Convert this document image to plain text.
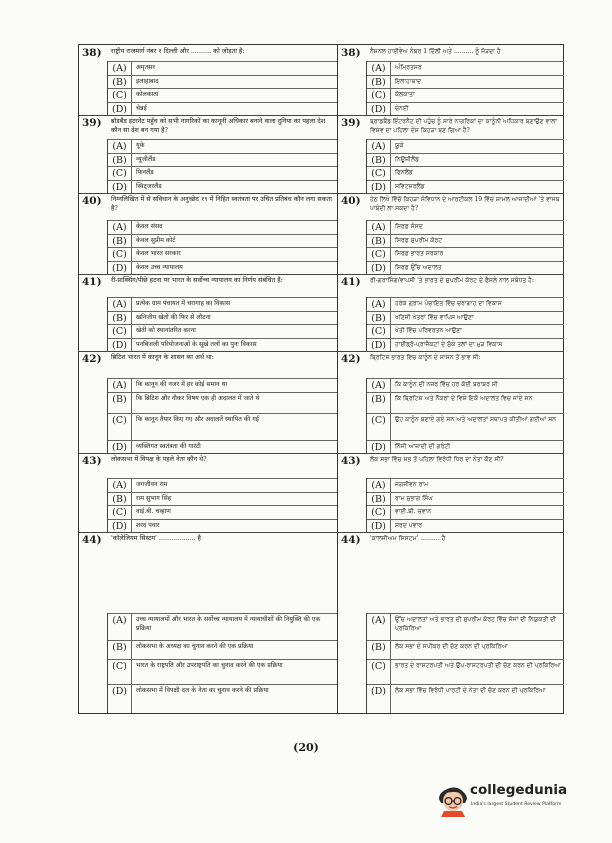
38) राष्ट्रीय राजमार्ग नंबर १ दिल्ली और .......... को जोड़ता है:
(A)	अमृतसर
(B)	इलाहाबाद
(C)	कोलकाता
(D)	चेन्नई
39) ब्रॉडबैंड इंटरनेट पहुँच को सभी नागरिकों का कानूनी अधिकार बनाने वाला दुनिया का पहला देश कौन सा देश बन गया है?
(A)	यूके
(B)	न्यूजीलैंड
(C)	फिनलैंड
(D)	स्विट्जरलैंड
40) निम्नलिखित में से संविधान के अनुच्छेद १९ में निहित स्वतंत्रता पर उचित प्रतिबंध कौन लगा सकता है?
(A)	केवल संसद
(B)	केवल सुप्रीम कोर्ट
(C)	केवल भारत सरकार
(D)	केवल उच्च न्यायालय
41) री-प्राक्सिंग/पीछे हटना पर भारत के सर्वोच्च न्यायालय का निर्णय संबंधित है:
(A)	प्रत्येक ग्राम पंचायत में चरागाह का विकास
(B)	खनिजीय खेतों की फिर से लौटना
(C)	खेती को स्थानांतरित करना
(D)	पनबिजली परियोजनाओं के सूखे तलों का पुनः विकास
42) ब्रिटिश भारत में कानून के शासन का अर्थ था:
(A)	कि कानून की नजर में हर कोई समान था
(B)	कि ब्रिटिश और नौकर विषय एक ही अदालत में जाते थे
(C)	कि कानून तैयार किए गए और अदालतें स्थापित की गई
(D)	व्यक्तिगत स्वतंत्रता की गारंटी
43) लोकसभा में विपक्ष के पहले नेता कौन थे?
(A)	जगजीवन राम
(B)	राम सुभाग सिंह
(C)	वाई.बी. चव्हाण
(D)	शरद पवार
44) 'कॉलेजियम सिस्टम' .................. है
(A)	उच्च न्यायालयों और भारत के सर्वोच्च न्यायालय में न्यायाधीशों की नियुक्ति की एक प्रक्रिया
(B)	लोकसभा के अध्यक्ष का चुनाव करने की एक प्रक्रिया
(C)	भारत के राष्ट्रपति और उपराष्ट्रपति का चुनाव करने की एक प्रक्रिया
(D)	लोकसभा में विपक्षी दल के नेता का चुनाव करने की प्रक्रिया
38) ਨੈਸ਼ਨਲ ਹਾਈਵੇਅ ਨੰਬਰ 1 ਦਿੱਲੀ ਅਤੇ .......... ਨੂੰ ਜੋੜਦਾ ਹੈ
(A)	ਅੰਮ੍ਰਿਤਸਰ
(B)	ਇਲਾਹਾਬਾਦ
(C)	ਕੋਲਕਾਤਾ
(D)	ਚੇਨਈ
39) ਬ੍ਰਾਡਬੈਂਡ ਇੰਟਰਨੈਟ ਦੀ ਪਹੁੰਚ ਨੂੰ ਸਾਰੇ ਨਾਗਰਿਕਾਂ ਦਾ ਕਾਨੂੰਨੀ ਅਧਿਕਾਰ ਬਣਾਉਣ ਵਾਲਾ ਵਿਸ਼ਵ ਦਾ ਪਹਿਲਾ ਦੇਸ਼ ਕਿਹੜਾ ਬਣ ਗਿਆ ਹੈ?
(A)	ਯੂਕੇ
(B)	ਨਿਊਜ਼ੀਲੈਂਡ
(C)	ਫਿਨਲੈਂਡ
(D)	ਸਵਿਟਜ਼ਰਲੈਂਡ
40) ਹੇਠ ਲਿਖੇ ਵਿੱਚੋਂ ਕਿਹੜਾ ਸੰਵਿਧਾਨ ਦੇ ਆਰਟੀਕਲ 19 ਵਿੱਚ ਸ਼ਾਮਲ ਆਜ਼ਾਦੀਆਂ 'ਤੇ ਵਾਜਬ ਪਾਬੰਦੀ ਲਾ ਸਕਦਾ ਹੈ?
(A)	ਸਿਰਫ਼ ਸੰਸਦ
(B)	ਸਿਰਫ਼ ਸੁਪਰੀਮ ਕੋਰਟ
(C)	ਸਿਰਫ਼ ਭਾਰਤ ਸਰਕਾਰ
(D)	ਸਿਰਫ਼ ਉੱਚ ਅਦਾਲਤ
41) ਰੀ-ਗਰਾਸਿੰਗ/ਵਾਪਸੀ 'ਤੇ ਭਾਰਤ ਦੇ ਸੁਪਰੀਮ ਕੋਰਟ ਦੇ ਫੈਸਲੇ ਨਾਲ ਸਬੰਧਤ ਹੈ:
(A)	ਹਰੇਕ ਗ੍ਰਾਮ ਪੰਚਾਇਤ ਵਿੱਚ ਚਰਾਗਾਹ ਦਾ ਵਿਕਾਸ
(B)	ਖਣਿਜੀ ਖੇਤਰਾਂ ਵਿੱਚ ਵਾਪਿਸ ਆਉਣਾ
(C)	ਖੇਤੀ ਵਿੱਚ ਪਰਿਵਰਤਨ ਆਉਣਾ
(D)	ਹਾਈਡ੍ਰੋ-ਪ੍ਰਾਜੈਕਟਾਂ ਦੇ ਸੁੱਕੇ ਤਲਾਂ ਦਾ ਮੁੜ ਵਿਕਾਸ
42) ਬ੍ਰਿਟਿਸ਼ ਭਾਰਤ ਵਿਚ ਕਾਨੂੰਨ ਦੇ ਸ਼ਾਸਨ ਤੋਂ ਭਾਵ ਸੀ:
(A)	ਕਿ ਕਾਨੂੰਨ ਦੀ ਨਜ਼ਰ ਵਿੱਚ ਹਰ ਕੋਈ ਬਰਾਬਰ ਸੀ
(B)	ਕਿ ਬ੍ਰਿਟਿਸ਼ ਅਤੇ ਨੌਕਰਾਂ ਦੇ ਵਿਸ਼ੇ ਇਕੋ ਅਦਾਲਤ ਵਿਚ ਜਾਂਦੇ ਸਨ
(C)	ਉਹ ਕਾਨੂੰਨ ਬਣਾਏ ਗਏ ਸਨ ਅਤੇ ਅਦਾਲਤਾਂ ਸਥਾਪਤ ਕੀਤੀਆਂ ਗਈਆਂ ਸਨ
(D)	ਨਿੱਜੀ ਆਜ਼ਾਦੀ ਦੀ ਗਰੰਟੀ
43) ਲੋਕ ਸਭਾ ਵਿੱਚ ਸਭ ਤੋਂ ਪਹਿਲਾ ਵਿਰੋਧੀ ਧਿਰ ਦਾ ਨੇਤਾ ਕੌਣ ਸੀ?
(A)	ਜਗਜੀਵਨ ਰਾਮ
(B)	ਰਾਮ ਸੁਭਾਗ ਸਿੰਘ
(C)	ਵਾਈ.ਬੀ. ਚਵਾਨ
(D)	ਸ਼ਰਦ ਪਵਾਰ
44) 'ਕਾਲਜੀਅਮ ਸਿਸਟਮ' .......... ਹੈ
(A)	ਉੱਚ ਅਦਾਲਤਾਂ ਅਤੇ ਭਾਰਤ ਦੀ ਸੁਪਰੀਮ ਕੋਰਟ ਵਿੱਚ ਜੱਜਾਂ ਦੀ ਨਿਯੁਕਤੀ ਦੀ ਪ੍ਰਕਿਰਿਆ
(B)	ਲੋਕ ਸਭਾ ਦੇ ਸਪੀਕਰ ਦੀ ਚੋਣ ਕਰਨ ਦੀ ਪ੍ਰਕਿਰਿਆ
(C)	ਭਾਰਤ ਦੇ ਰਾਸ਼ਟਰਪਤੀ ਅਤੇ ਉਪ-ਰਾਸ਼ਟਰਪਤੀ ਦੀ ਚੋਣ ਕਰਨ ਦੀ ਪ੍ਰਕਿਰਿਆ
(D)	ਲੋਕ ਸਭਾ ਵਿੱਚ ਵਿਰੋਧੀ ਪਾਰਟੀ ਦੇ ਨੇਤਾ ਦੀ ਚੋਣ ਕਰਨ ਦੀ ਪ੍ਰਕਿਰਿਆ
(20)
collegedunia
India's largest Student Review Platform
